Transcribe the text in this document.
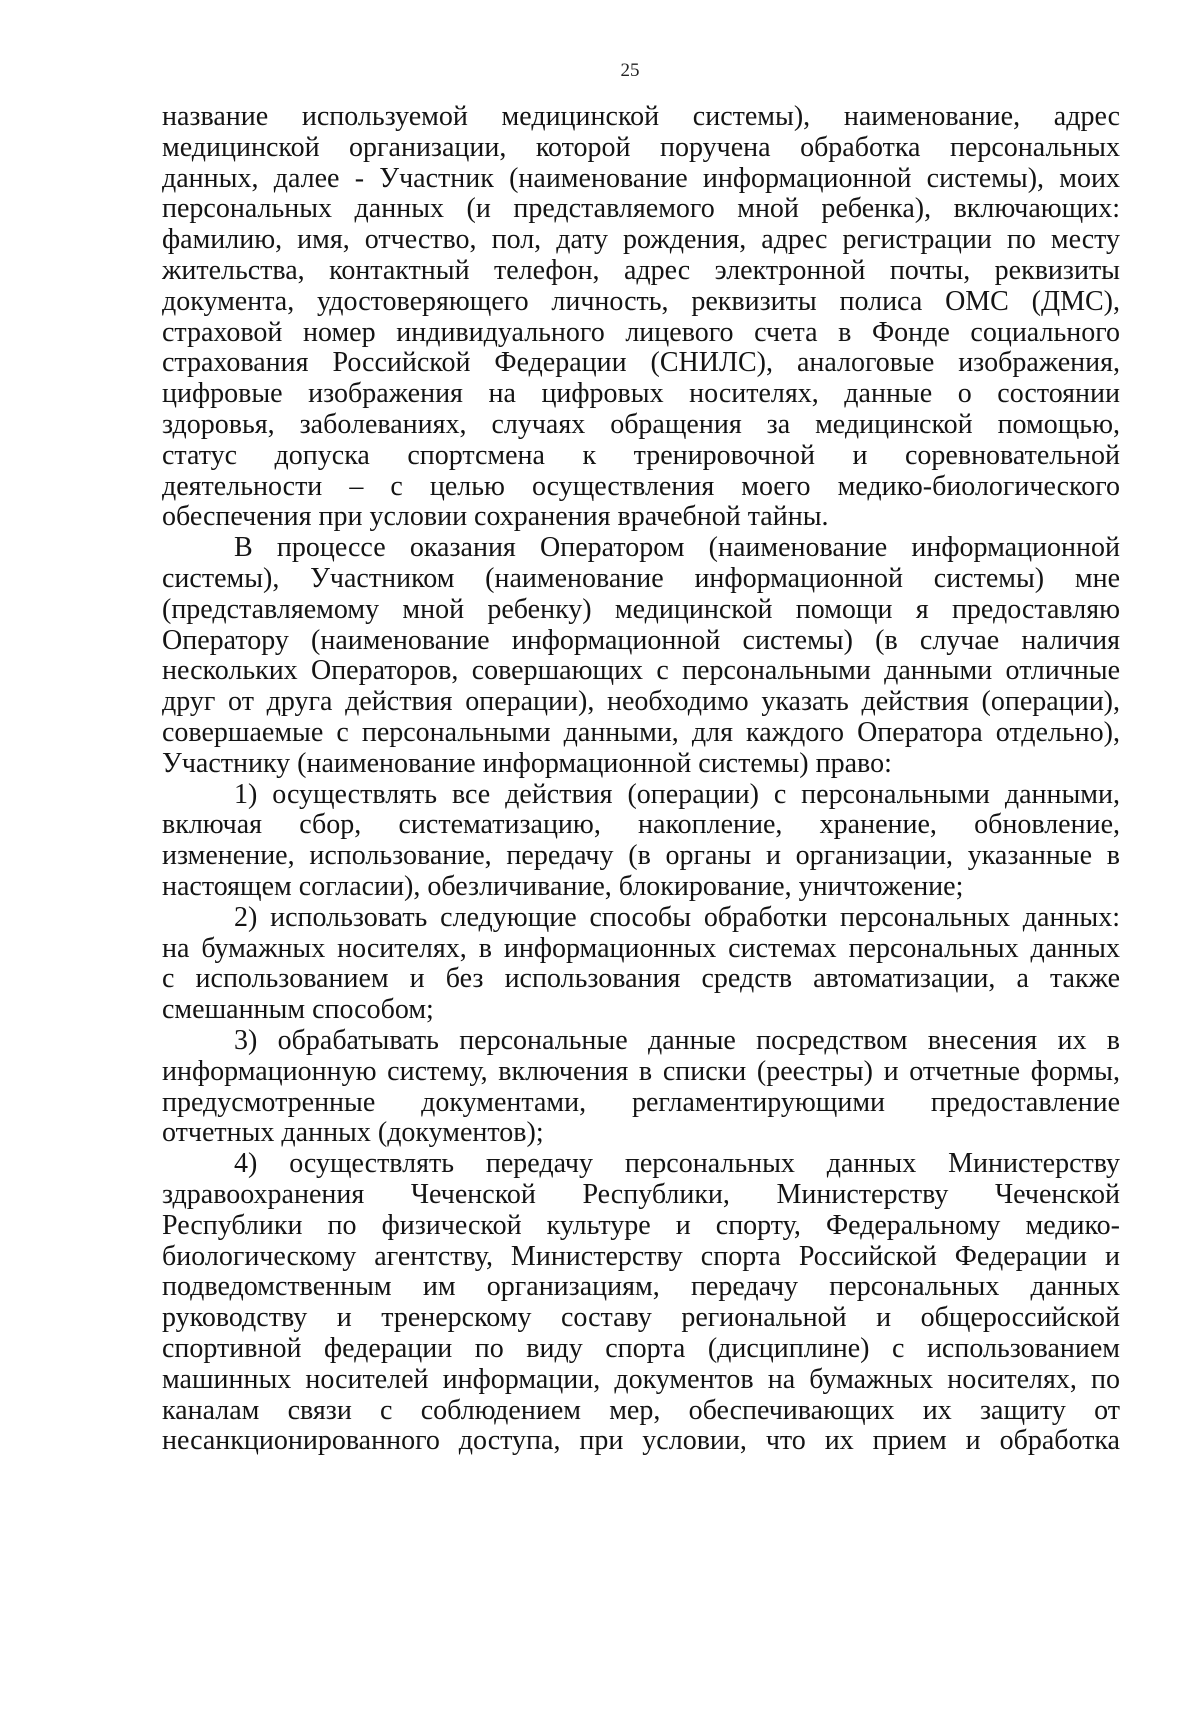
25
название используемой медицинской системы), наименование, адрес
медицинской организации, которой поручена обработка персональных
данных, далее - Участник (наименование информационной системы), моих
персональных данных (и представляемого мной ребенка), включающих:
фамилию, имя, отчество, пол, дату рождения, адрес регистрации по месту
жительства, контактный телефон, адрес электронной почты, реквизиты
документа, удостоверяющего личность, реквизиты полиса ОМС (ДМС),
страховой номер индивидуального лицевого счета в Фонде социального
страхования Российской Федерации (СНИЛС), аналоговые изображения,
цифровые изображения на цифровых носителях, данные о состоянии
здоровья, заболеваниях, случаях обращения за медицинской помощью,
статус допуска спортсмена к тренировочной и соревновательной
деятельности – с целью осуществления моего медико-биологического
обеспечения при условии сохранения врачебной тайны.
В процессе оказания Оператором (наименование информационной
системы), Участником (наименование информационной системы) мне
(представляемому мной ребенку) медицинской помощи я предоставляю
Оператору (наименование информационной системы) (в случае наличия
нескольких Операторов, совершающих с персональными данными отличные
друг от друга действия операции), необходимо указать действия (операции),
совершаемые с персональными данными, для каждого Оператора отдельно),
Участнику (наименование информационной системы) право:
1) осуществлять все действия (операции) с персональными данными,
включая сбор, систематизацию, накопление, хранение, обновление,
изменение, использование, передачу (в органы и организации, указанные в
настоящем согласии), обезличивание, блокирование, уничтожение;
2) использовать следующие способы обработки персональных данных:
на бумажных носителях, в информационных системах персональных данных
с использованием и без использования средств автоматизации, а также
смешанным способом;
3) обрабатывать персональные данные посредством внесения их в
информационную систему, включения в списки (реестры) и отчетные формы,
предусмотренные документами, регламентирующими предоставление
отчетных данных (документов);
4) осуществлять передачу персональных данных Министерству
здравоохранения Чеченской Республики, Министерству Чеченской
Республики по физической культуре и спорту, Федеральному медико-
биологическому агентству, Министерству спорта Российской Федерации и
подведомственным им организациям, передачу персональных данных
руководству и тренерскому составу региональной и общероссийской
спортивной федерации по виду спорта (дисциплине) с использованием
машинных носителей информации, документов на бумажных носителях, по
каналам связи с соблюдением мер, обеспечивающих их защиту от
несанкционированного доступа, при условии, что их прием и обработка
